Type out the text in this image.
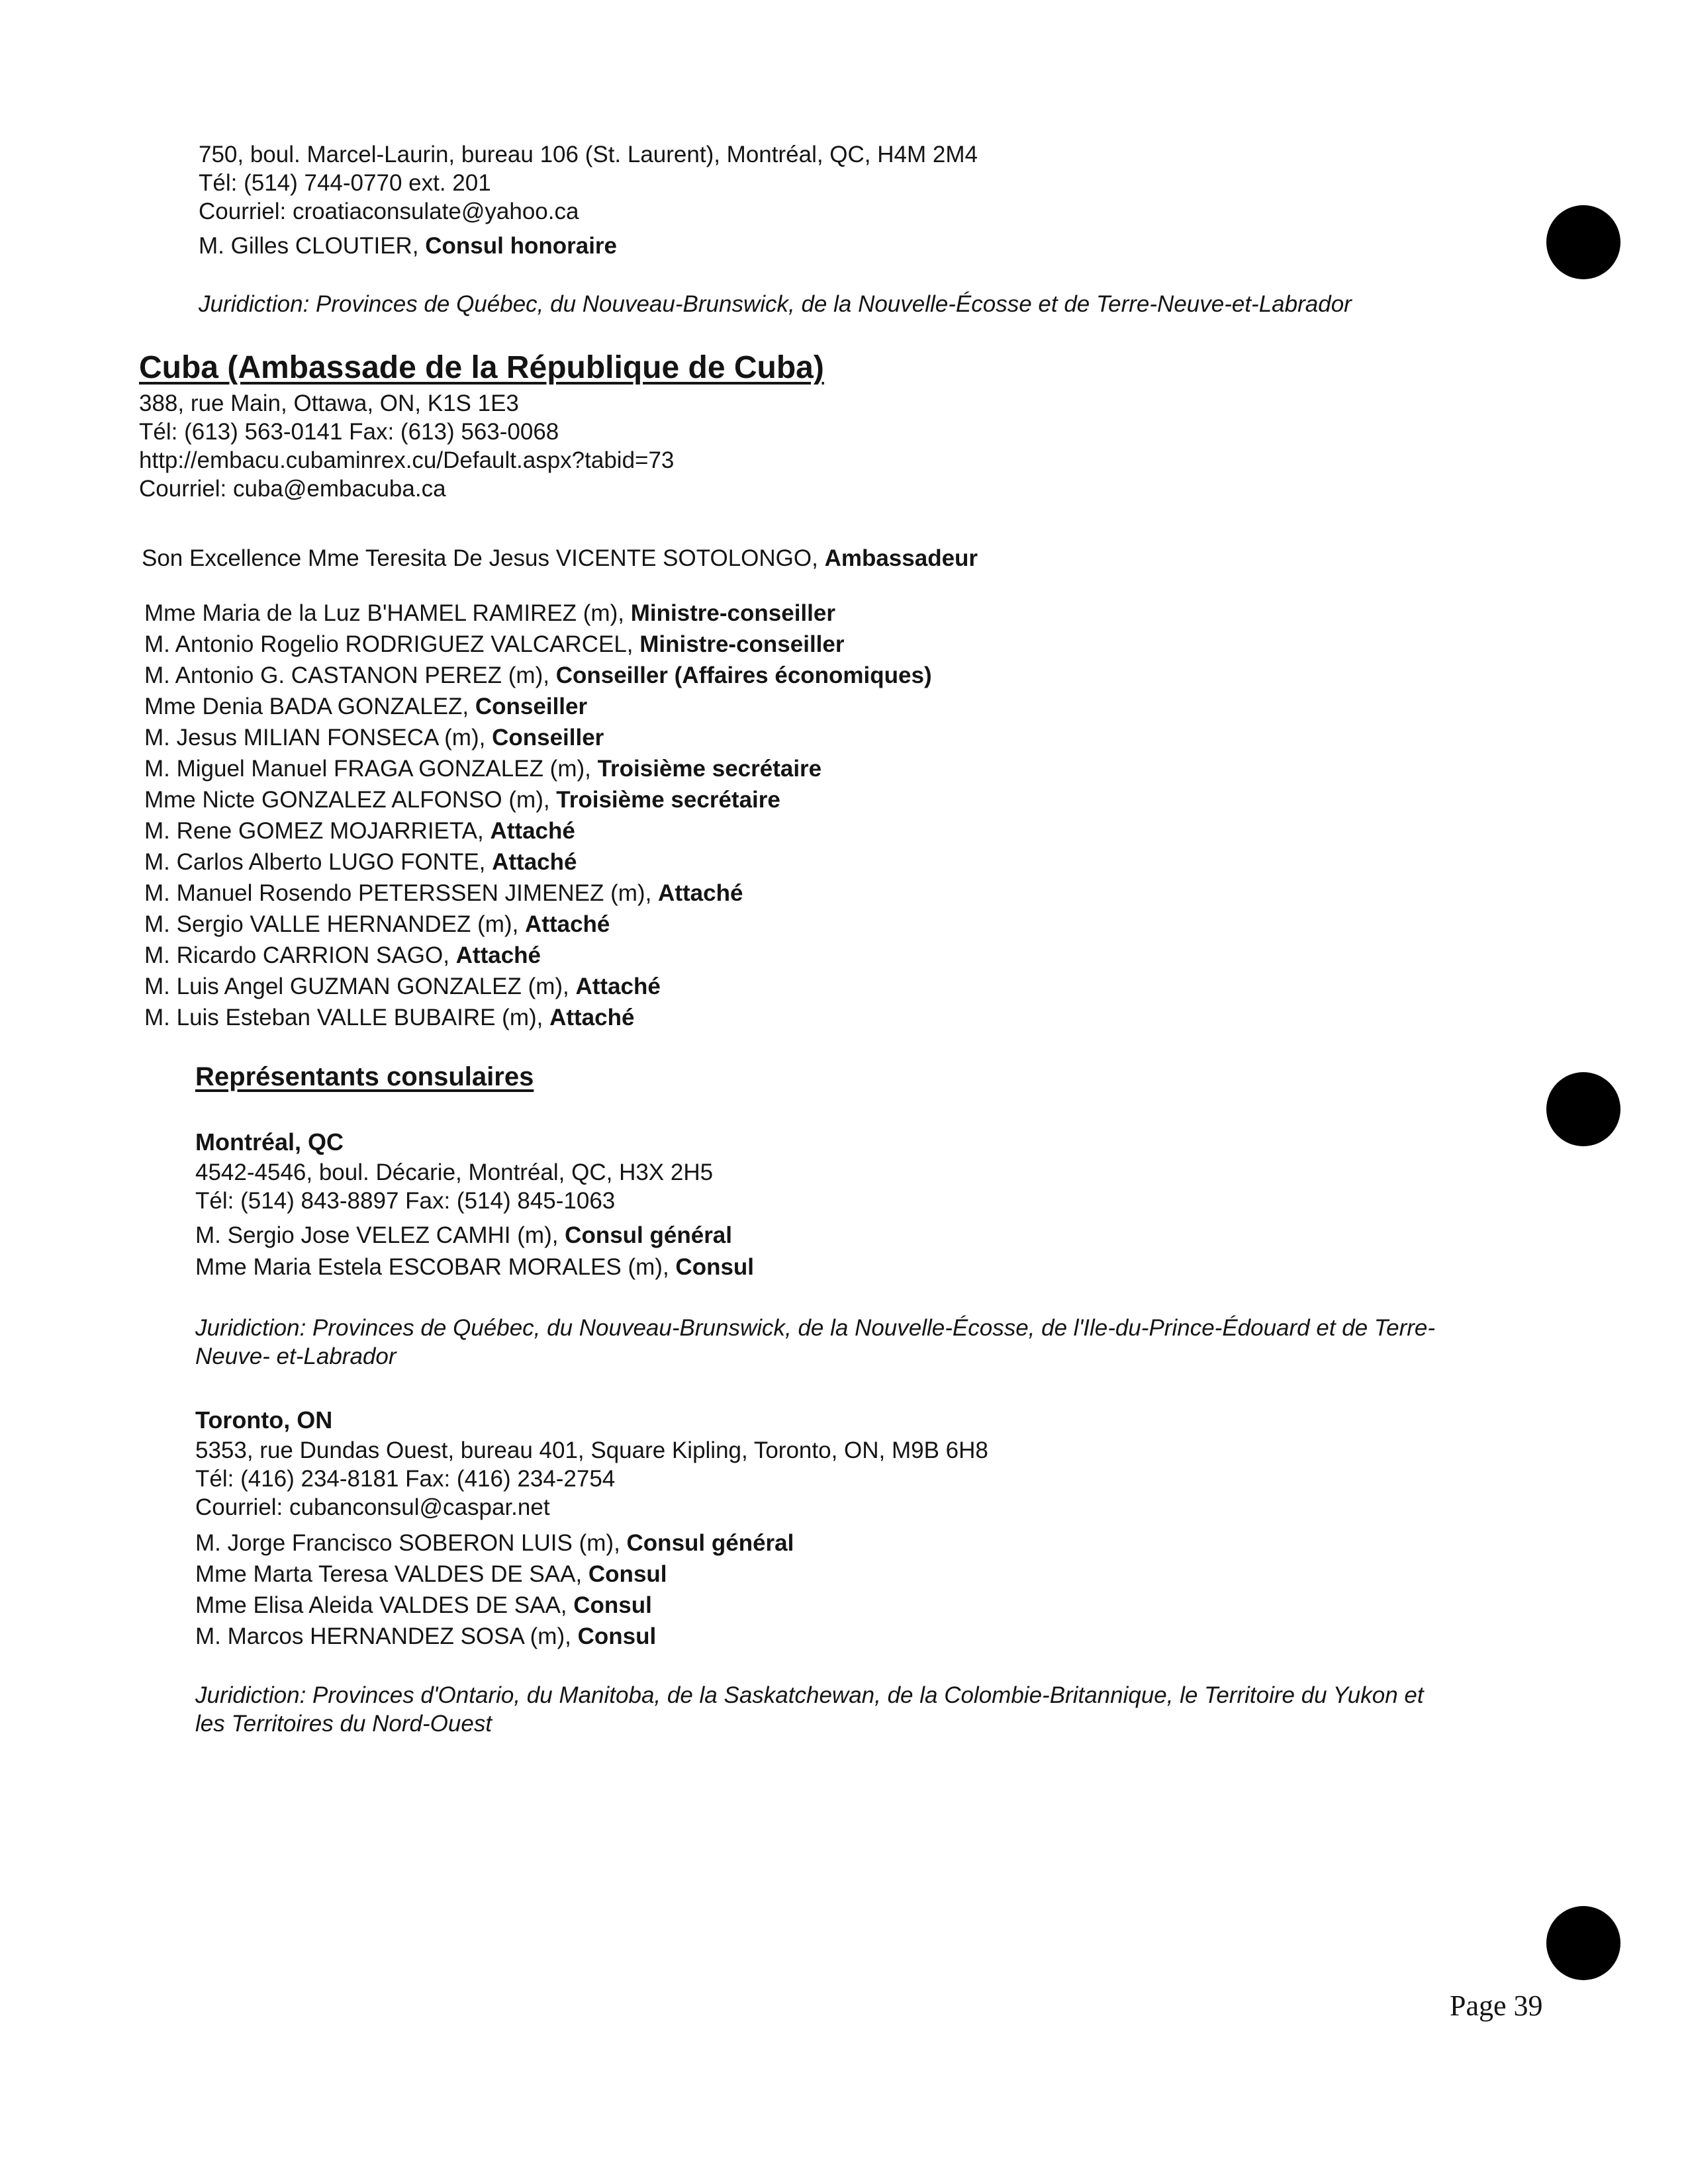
750, boul. Marcel-Laurin, bureau 106 (St. Laurent), Montréal, QC, H4M 2M4
Tél: (514) 744-0770 ext. 201
Courriel: croatiaconsulate@yahoo.ca
M. Gilles CLOUTIER, Consul honoraire
Juridiction: Provinces de Québec, du Nouveau-Brunswick, de la Nouvelle-Écosse et de Terre-Neuve-et-Labrador
Cuba (Ambassade de la République de Cuba)
388, rue Main, Ottawa, ON, K1S 1E3
Tél: (613) 563-0141 Fax: (613) 563-0068
http://embacu.cubaminrex.cu/Default.aspx?tabid=73
Courriel: cuba@embacuba.ca
Son Excellence Mme Teresita De Jesus VICENTE SOTOLONGO, Ambassadeur
Mme Maria de la Luz B'HAMEL RAMIREZ (m), Ministre-conseiller
M. Antonio Rogelio RODRIGUEZ VALCARCEL, Ministre-conseiller
M. Antonio G. CASTANON PEREZ (m), Conseiller (Affaires économiques)
Mme Denia BADA GONZALEZ, Conseiller
M. Jesus MILIAN FONSECA (m), Conseiller
M. Miguel Manuel FRAGA GONZALEZ (m), Troisième secrétaire
Mme Nicte GONZALEZ ALFONSO (m), Troisième secrétaire
M. Rene GOMEZ MOJARRIETA, Attaché
M. Carlos Alberto LUGO FONTE, Attaché
M. Manuel Rosendo PETERSSEN JIMENEZ (m), Attaché
M. Sergio VALLE HERNANDEZ (m), Attaché
M. Ricardo CARRION SAGO, Attaché
M. Luis Angel GUZMAN GONZALEZ (m), Attaché
M. Luis Esteban VALLE BUBAIRE (m), Attaché
Représentants consulaires
Montréal, QC
4542-4546, boul. Décarie, Montréal, QC, H3X 2H5
Tél: (514) 843-8897 Fax: (514) 845-1063
M. Sergio Jose VELEZ CAMHI (m), Consul général
Mme Maria Estela ESCOBAR MORALES (m), Consul
Juridiction: Provinces de Québec, du Nouveau-Brunswick, de la Nouvelle-Écosse, de l'Ile-du-Prince-Édouard et de Terre-
Neuve- et-Labrador
Toronto, ON
5353, rue Dundas Ouest, bureau 401, Square Kipling, Toronto, ON, M9B 6H8
Tél: (416) 234-8181 Fax: (416) 234-2754
Courriel: cubanconsul@caspar.net
M. Jorge Francisco SOBERON LUIS (m), Consul général
Mme Marta Teresa VALDES DE SAA, Consul
Mme Elisa Aleida VALDES DE SAA, Consul
M. Marcos HERNANDEZ SOSA (m), Consul
Juridiction: Provinces d'Ontario, du Manitoba, de la Saskatchewan, de la Colombie-Britannique, le Territoire du Yukon et
les Territoires du Nord-Ouest
Page 39
